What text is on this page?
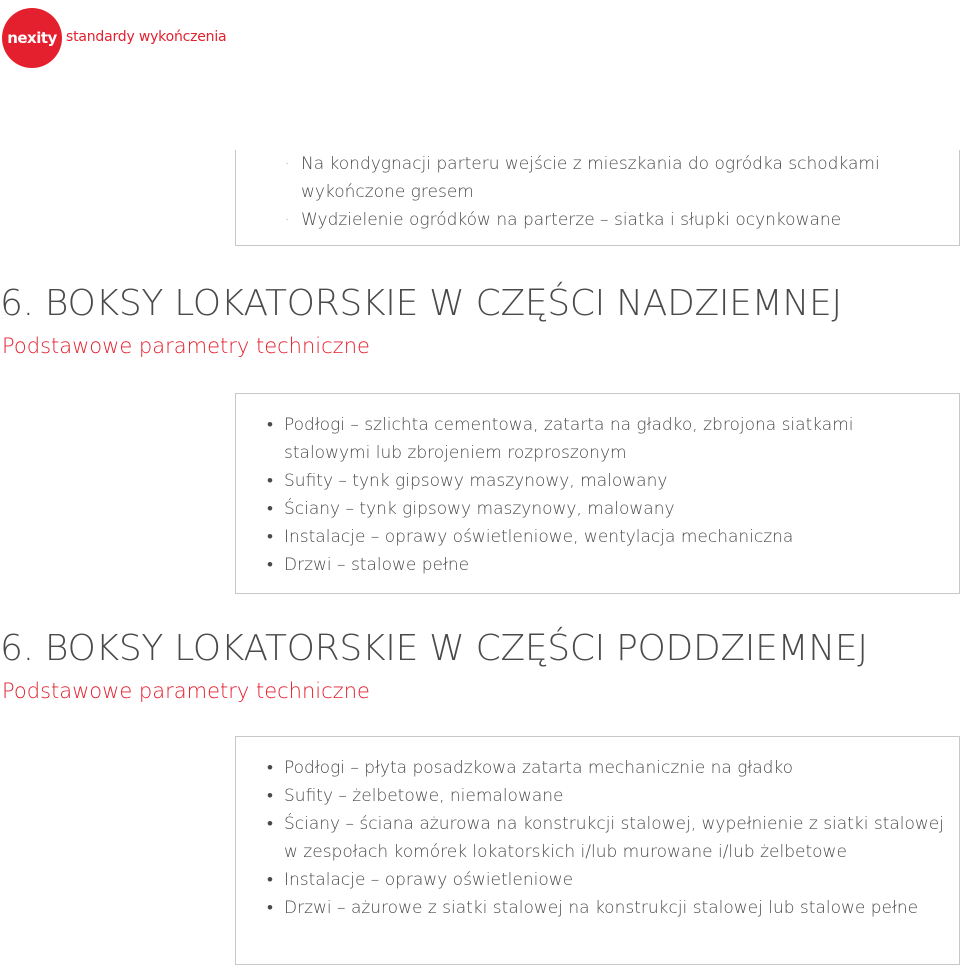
nexity standardy wykończenia
· Na kondygnacji parteru wejście z mieszkania do ogródka schodkami wykończone gresem
· Wydzielenie ogródków na parterze – siatka i słupki ocynkowane
6. BOKSY LOKATORSKIE W CZĘŚCI NADZIEMNEJ
Podstawowe parametry techniczne
• Podłogi – szlichta cementowa, zatarta na gładko, zbrojona siatkami stalowymi lub zbrojeniem rozproszonym
• Sufity – tynk gipsowy maszynowy, malowany
• Ściany – tynk gipsowy maszynowy, malowany
• Instalacje – oprawy oświetleniowe, wentylacja mechaniczna
• Drzwi – stalowe pełne
6. BOKSY LOKATORSKIE W CZĘŚCI PODDZIEMNEJ
Podstawowe parametry techniczne
• Podłogi – płyta posadzkowa zatarta mechanicznie na gładko
• Sufity – żelbetowe, niemalowane
• Ściany – ściana ażurowa na konstrukcji stalowej, wypełnienie z siatki stalowej w zespołach komórek lokatorskich i/lub murowane i/lub żelbetowe
• Instalacje – oprawy oświetleniowe
• Drzwi – ażurowe z siatki stalowej na konstrukcji stalowej lub stalowe pełne
